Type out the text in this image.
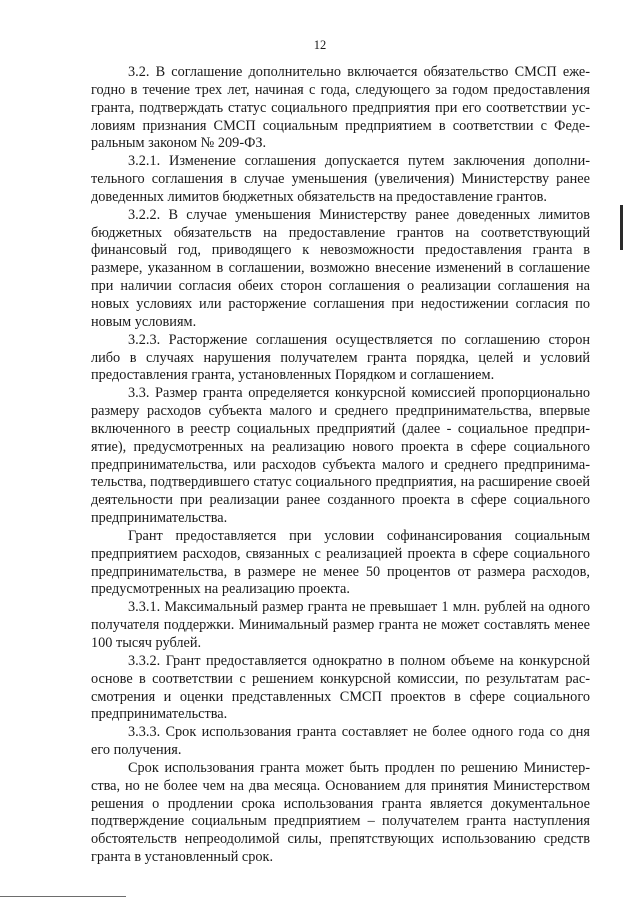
12

3.2. В соглашение дополнительно включается обязательство СМСП ежегодно в течение трех лет, начиная с года, следующего за годом предоставления гранта, подтверждать статус социального предприятия при его соответствии условиям признания СМСП социальным предприятием в соответствии с Федеральным законом № 209-ФЗ.

3.2.1. Изменение соглашения допускается путем заключения дополнительного соглашения в случае уменьшения (увеличения) Министерству ранее доведенных лимитов бюджетных обязательств на предоставление грантов.

3.2.2. В случае уменьшения Министерству ранее доведенных лимитов бюджетных обязательств на предоставление грантов на соответствующий финансовый год, приводящего к невозможности предоставления гранта в размере, указанном в соглашении, возможно внесение изменений в соглашение при наличии согласия обеих сторон соглашения о реализации соглашения на новых условиях или расторжение соглашения при недостижении согласия по новым условиям.

3.2.3. Расторжение соглашения осуществляется по соглашению сторон либо в случаях нарушения получателем гранта порядка, целей и условий предоставления гранта, установленных Порядком и соглашением.

3.3. Размер гранта определяется конкурсной комиссией пропорционально размеру расходов субъекта малого и среднего предпринимательства, впервые включенного в реестр социальных предприятий (далее - социальное предприятие), предусмотренных на реализацию нового проекта в сфере социального предпринимательства, или расходов субъекта малого и среднего предпринимательства, подтвердившего статус социального предприятия, на расширение своей деятельности при реализации ранее созданного проекта в сфере социального предпринимательства.

Грант предоставляется при условии софинансирования социальным предприятием расходов, связанных с реализацией проекта в сфере социального предпринимательства, в размере не менее 50 процентов от размера расходов, предусмотренных на реализацию проекта.

3.3.1. Максимальный размер гранта не превышает 1 млн. рублей на одного получателя поддержки. Минимальный размер гранта не может составлять менее 100 тысяч рублей.

3.3.2. Грант предоставляется однократно в полном объеме на конкурсной основе в соответствии с решением конкурсной комиссии, по результатам рассмотрения и оценки представленных СМСП проектов в сфере социального предпринимательства.

3.3.3. Срок использования гранта составляет не более одного года со дня его получения.

Срок использования гранта может быть продлен по решению Министерства, но не более чем на два месяца. Основанием для принятия Министерством решения о продлении срока использования гранта является документальное подтверждение социальным предприятием – получателем гранта наступления обстоятельств непреодолимой силы, препятствующих использованию средств гранта в установленный срок.
